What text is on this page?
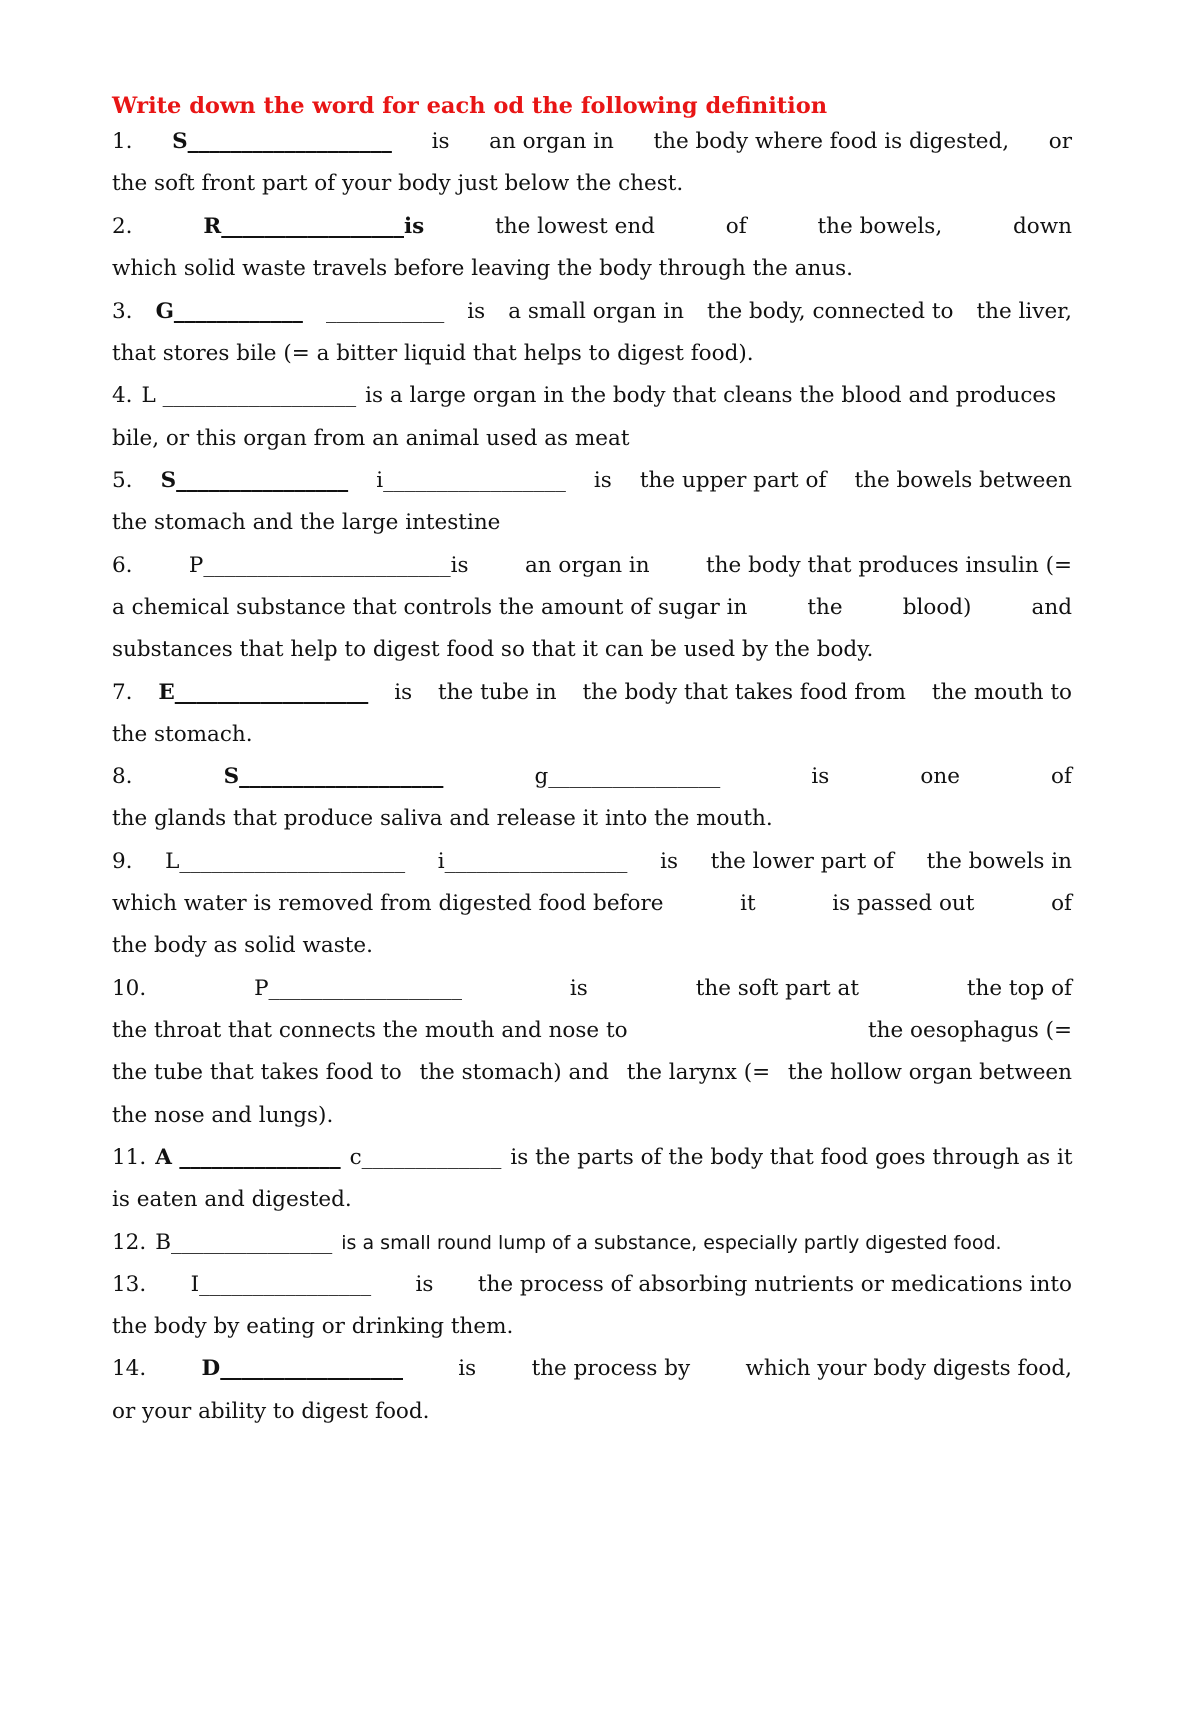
Write down the word for each od the following definition
1. S___________________ is an organ in the body where food is digested, or
the soft front part of your body just below the chest.
2.	R_________________is	the lowest end	of	the bowels,	down
which solid waste travels before leaving the body through the anus.
3. G____________ ___________ is a small organ in the body, connected to the liver,
that stores bile (= a bitter liquid that helps to digest food).
4. L __________________ is a large organ in the body that cleans the blood and produces
bile, or this organ from an animal used as meat
5. S________________ i_________________ is the upper part of the bowels between
the stomach and the large intestine
6.	P_______________________is	an organ in	the body that produces insulin (=
a chemical substance that controls the amount of sugar in	the	blood)	and
substances that help to digest food so that it can be used by the body.
7. E__________________ is the tube in the body that takes food from the mouth to
the stomach.
8.	S___________________	g________________	is	one	of
the glands that produce saliva and release it into the mouth.
9. L_____________________ i_________________ is the lower part of the bowels in
which water is removed from digested food before	it	is passed out	of
the body as solid waste.
10.	P__________________	is	the soft part at	the top of
the throat that connects the mouth and nose to	the oesophagus (=
the tube that takes food to the stomach) and the larynx (= the hollow organ between
the nose and lungs).
11. A _______________ c_____________ is the parts of the body that food goes through as it
is eaten and digested.
12. B_______________ is a small round lump of a substance, especially partly digested food.
13. I________________ is the process of absorbing nutrients or medications into
the body by eating or drinking them.
14.	D_________________	is	the process by	which your body digests food,
or your ability to digest food.
